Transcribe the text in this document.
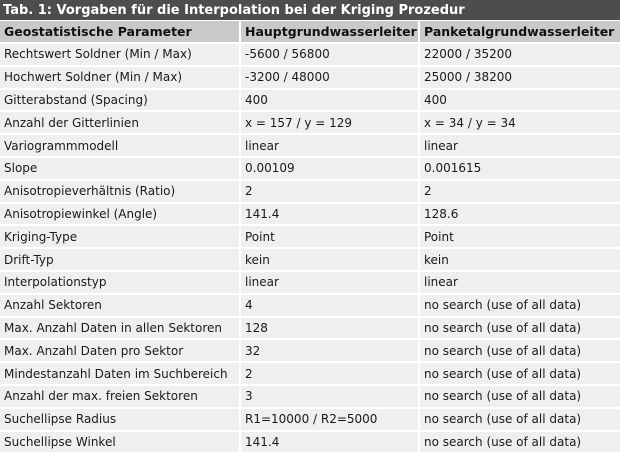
Tab. 1: Vorgaben für die Interpolation bei der Kriging Prozedur
Geostatistische Parameter	Hauptgrundwasserleiter	Panketalgrundwasserleiter
Rechtswert Soldner (Min / Max)	-5600 / 56800	22000 / 35200
Hochwert Soldner (Min / Max)	-3200 / 48000	25000 / 38200
Gitterabstand (Spacing)	400	400
Anzahl der Gitterlinien	x = 157 / y = 129	x = 34 / y = 34
Variogrammmodell	linear	linear
Slope	0.00109	0.001615
Anisotropieverhältnis (Ratio)	2	2
Anisotropiewinkel (Angle)	141.4	128.6
Kriging-Type	Point	Point
Drift-Typ	kein	kein
Interpolationstyp	linear	linear
Anzahl Sektoren	4	no search (use of all data)
Max. Anzahl Daten in allen Sektoren	128	no search (use of all data)
Max. Anzahl Daten pro Sektor	32	no search (use of all data)
Mindestanzahl Daten im Suchbereich	2	no search (use of all data)
Anzahl der max. freien Sektoren	3	no search (use of all data)
Suchellipse Radius	R1=10000 / R2=5000	no search (use of all data)
Suchellipse Winkel	141.4	no search (use of all data)
